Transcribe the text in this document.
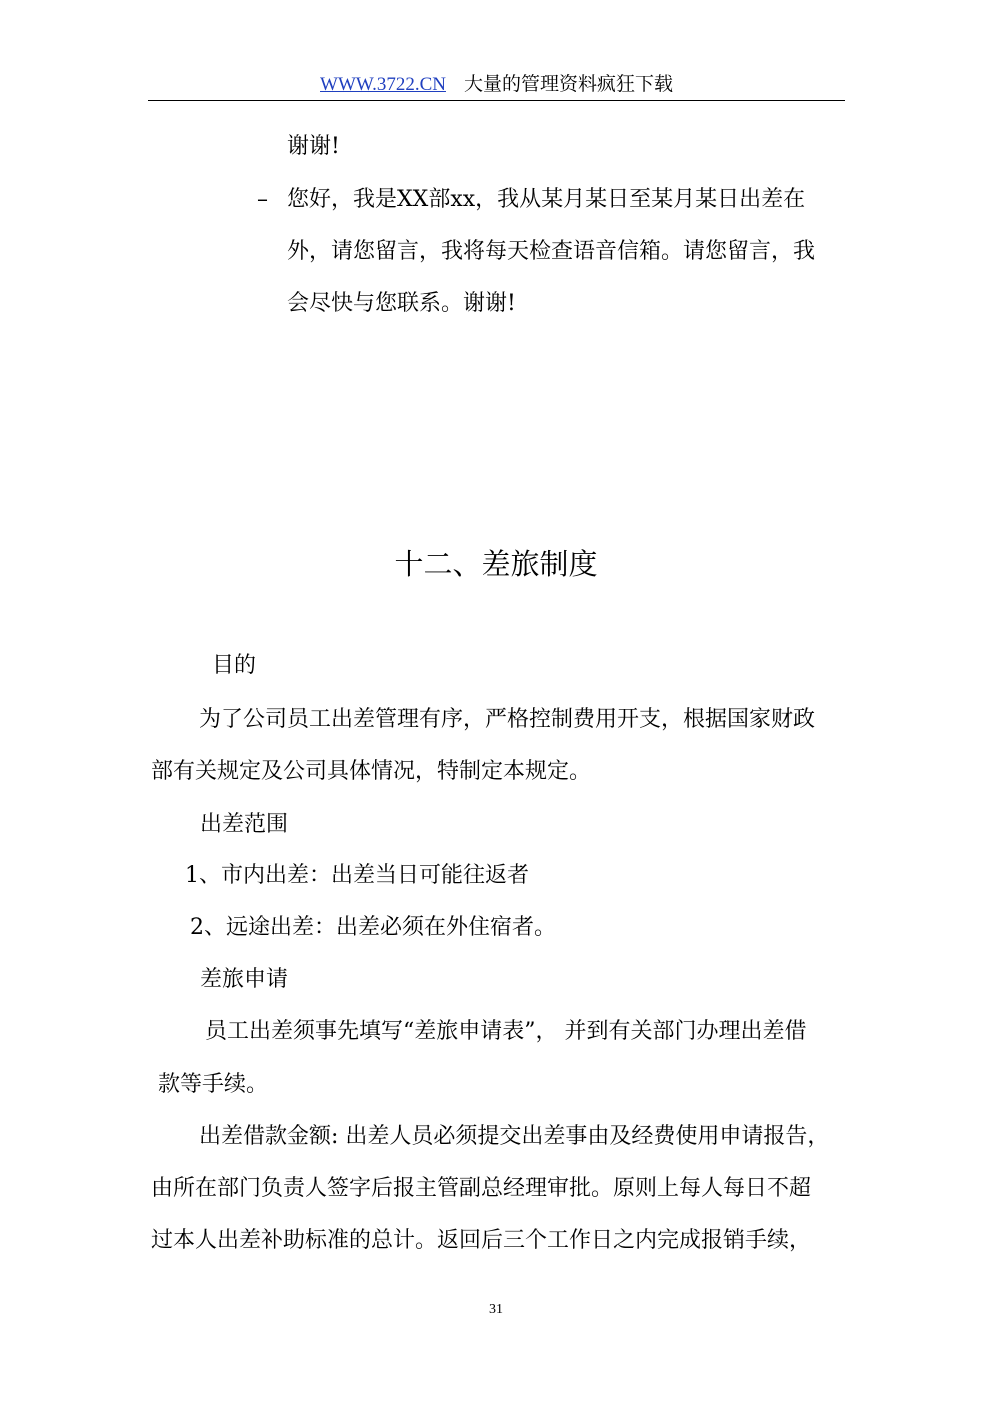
WWW.3722.CN 大量的管理资料疯狂下载
谢谢!
– 您好，我是XX部xx，我从某月某日至某月某日出差在
外，请您留言，我将每天检查语音信箱。请您留言，我
会尽快与您联系。谢谢!
十二、差旅制度
目的
为了公司员工出差管理有序，严格控制费用开支，根据国家财政
部有关规定及公司具体情况，特制定本规定。
出差范围
1、市内出差：出差当日可能往返者
2、远途出差：出差必须在外住宿者。
差旅申请
员工出差须事先填写“差旅申请表”， 并到有关部门办理出差借
款等手续。
出差借款金额: 出差人员必须提交出差事由及经费使用申请报告，
由所在部门负责人签字后报主管副总经理审批。原则上每人每日不超
过本人出差补助标准的总计。返回后三个工作日之内完成报销手续，
31
